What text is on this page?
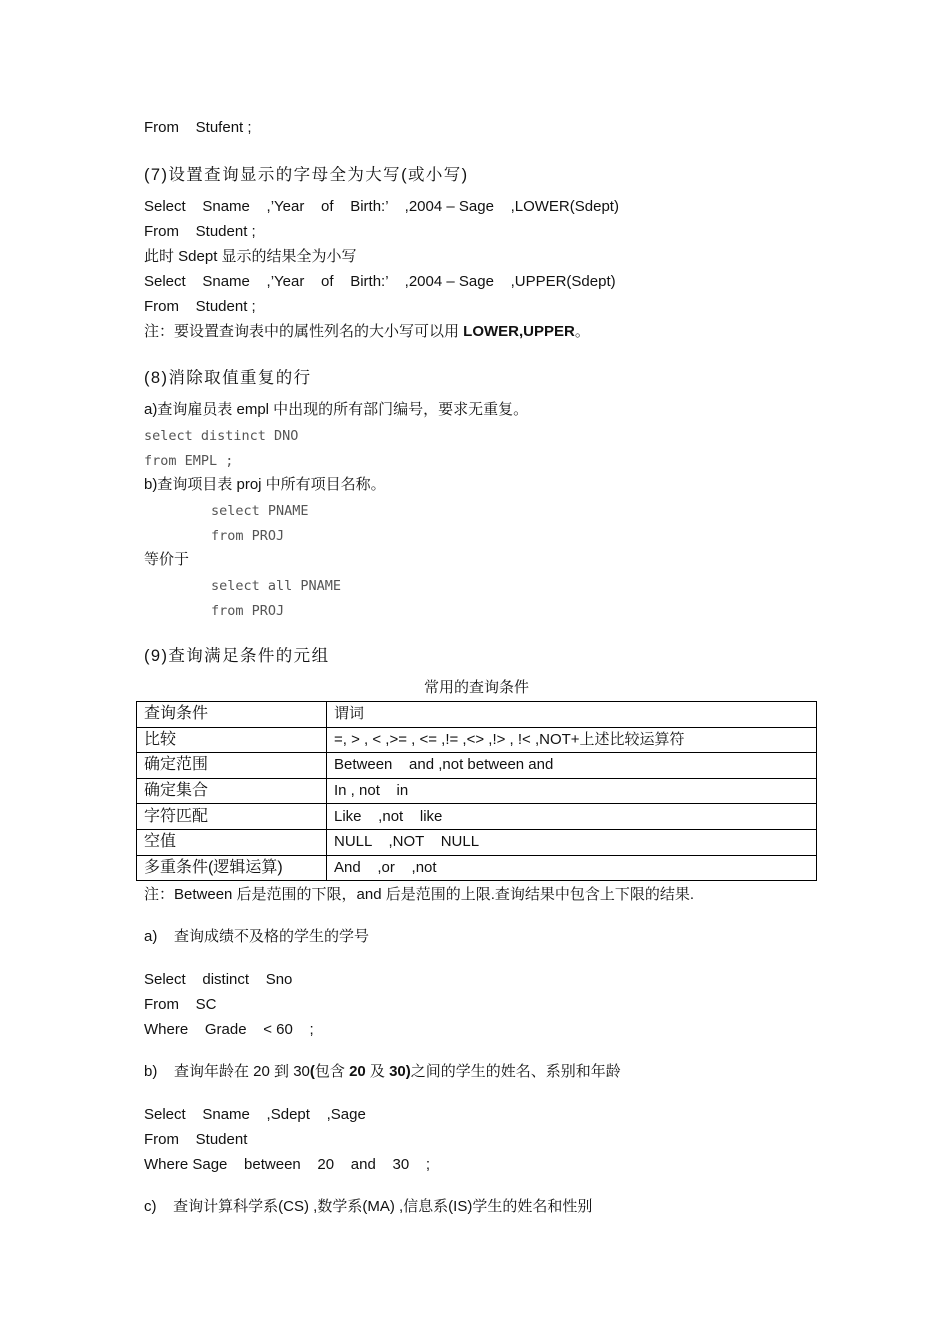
From    Stufent ;
(7)设置查询显示的字母全为大写(或小写)
Select    Sname    ,’Year    of    Birth:’    ,2004 – Sage    ,LOWER(Sdept)
From    Student ;
此时 Sdept 显示的结果全为小写
Select    Sname    ,’Year    of    Birth:’    ,2004 – Sage    ,UPPER(Sdept)
From    Student ;
注：要设置查询表中的属性列名的大小写可以用 LOWER,UPPER。
(8)消除取值重复的行
a)查询雇员表 empl 中出现的所有部门编号，要求无重复。
select distinct DNO
from EMPL ;
b)查询项目表 proj 中所有项目名称。
select PNAME
from PROJ
等价于
select all PNAME
from PROJ
(9)查询满足条件的元组
常用的查询条件
查询条件	谓词
比较	=, > , < ,>= , <= ,!= ,<> ,!> , !< ,NOT+上述比较运算符
确定范围	Between    and ,not between and
确定集合	In , not    in
字符匹配	Like    ,not    like
空值	NULL    ,NOT    NULL
多重条件(逻辑运算)	And    ,or    ,not
注：Between 后是范围的下限，and 后是范围的上限.查询结果中包含上下限的结果.
a)    查询成绩不及格的学生的学号
Select    distinct    Sno
From    SC
Where    Grade    < 60    ;
b)    查询年龄在 20 到 30(包含 20 及 30)之间的学生的姓名、系别和年龄
Select    Sname    ,Sdept    ,Sage
From    Student
Where Sage    between    20    and    30    ;
c)    查询计算科学系(CS) ,数学系(MA) ,信息系(IS)学生的姓名和性别
